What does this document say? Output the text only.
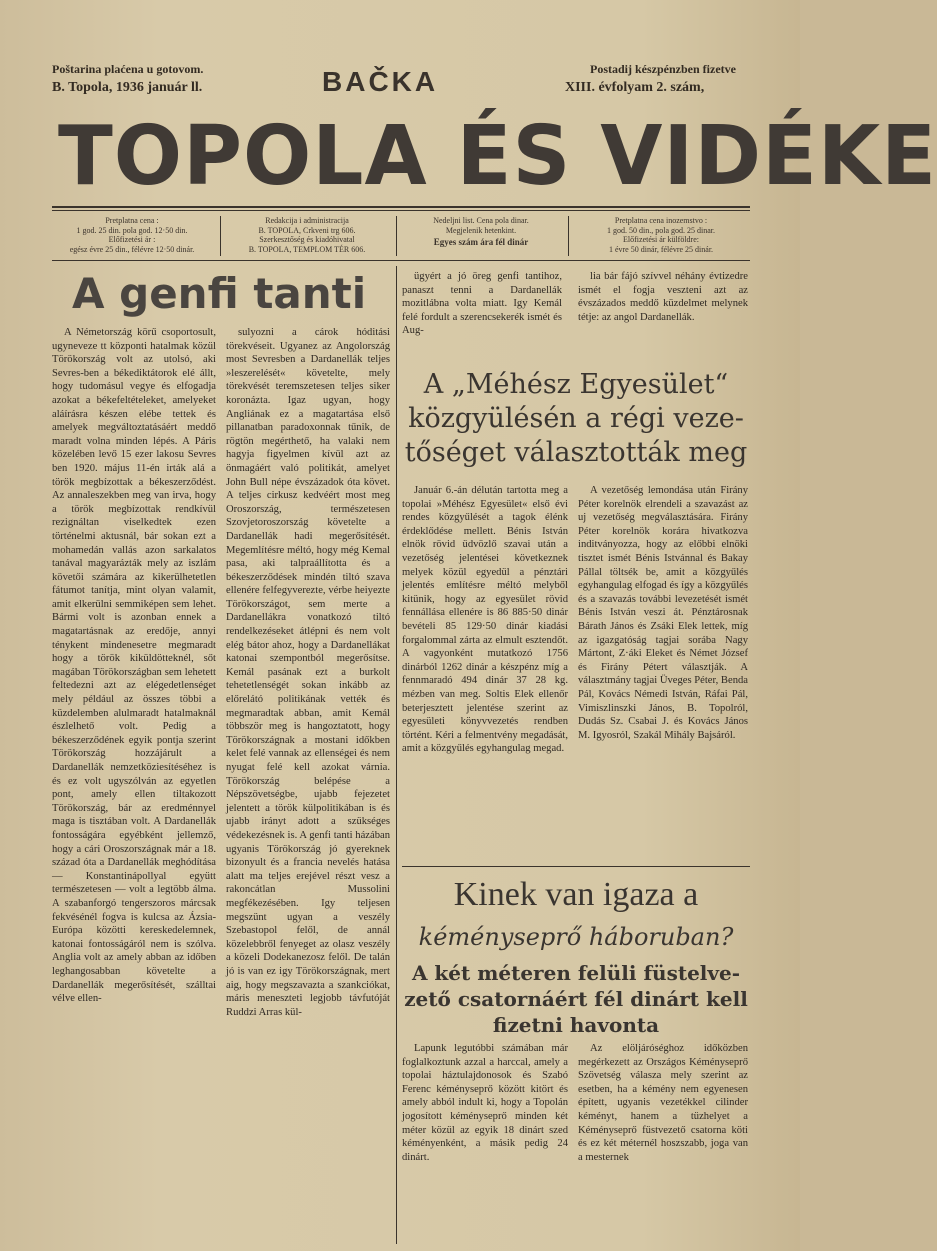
Poštarina plaćena u gotovom.
B. Topola, 1936 január ll.	BAČKA	Postadij készpénzben fizetve
XIII. évfolyam 2. szám,
TOPOLA ÉS VIDÉKE
Pretplatna cena :
1 god. 25 din. pola god. 12·50 din.
Előfizetési ár :
egész évre 25 din., félévre 12·50 dinár.
Redakcija i administracija
B. TOPOLA, Crkveni trg 606.
Szerkesztőség és kiadóhivatal
B. TOPOLA, TEMPLOM TÉR 606.
Nedeljni list. Cena pola dinar.
Megjelenik hetenkint.
Egyes szám ára fél dinár
Pretplatna cena inozemstvo :
1 god. 50 din., pola god. 25 dinar.
Előfizetési ár külföldre:
1 évre 50 dinár, félévre 25 dinár.
A genfi tanti

A Németország körű csoportosult, ugyneveze tt központi hatalmak közül Törökország volt az utolsó, aki Sevres-ben a békediktátorok elé állt, hogy tudomásul vegye és elfogadja azokat a békefeltételeket, amelyeket aláírásra készen elébe tettek és amelyek megváltoztatásáért meddő maradt volna minden lépés. A Páris közelében levő 15 ezer lakosu Sevres ben 1920. május 11-én irták alá a török megbízottak a békeszerződést. Az annaleszekben meg van irva, hogy a török megbízottak rendkívül rezignáltan viselkedtek ezen történelmi aktusnál, bár sokan ezt a mohamedán vallás azon sarkalatos tanával magyarázták mely az iszlám követői számára az kikerülhetetlen fátumot tanítja, mint olyan valamit, amit elkerülni semmiképen sem lehet. Bármi volt is azonban ennek a magatartásnak az eredője, annyi ténykent mindenesetre megmaradt hogy a török kiküldötteknél, sőt magában Törökországban sem lehetett feltedezni azt az elégedetlenséget mely például az összes többi a küzdelemben alulmaradt hatalmaknál észlelhető volt. Pedig a békeszerződének egyik pontja szerint Törökország hozzájárult a Dardanellák nemzetköziesítéséhez is és ez volt ugyszólván az egyetlen pont, amely ellen tiltakozott Törökország, bár az eredménnyel maga is tisztában volt. A Dardanellák fontosságára egyébként jellemző, hogy a cári Oroszországnak már a 18. század óta a Dardanellák meghódítása — Konstantinápollyal együtt természetesen — volt a legtöbb álma. A szabanforgó tengerszoros márcsak fekvésénél fogva is kulcsa az Ázsia-Európa közötti kereskedelemnek, katonai fontosságáról nem is szólva. Anglia volt az amely abban az időben leghangosabban követelte a Dardanellák megerősítését, szálltai vélve ellen-

sulyozni a cárok hóditási törekvéseit. Ugyanez az Angolország most Sevresben a Dardanellák teljes »leszerelését« követelte, mely törekvését teremszetesen teljes siker koronázta. Igaz ugyan, hogy Angliának ez a magatartása első pillanatban paradoxonnak tűnik, de rögtön megérthető, ha valaki nem hagyja figyelmen kívül azt az önmagáért való politikát, amelyet John Bull népe évszázadok óta követ. A teljes cirkusz kedvéért most meg Oroszország, természetesen Szovjetoroszország követelte a Dardanellák hadi megerősítését. Megemlítésre méltó, hogy még Kemal pasa, aki talpraállította és a békeszerződések mindén tiltó szava ellenére felfegyverezte, vérbe heiyezte Törökországot, sem merte a Dardanellákra vonatkozó tiltó rendelkezéseket átlépni és nem volt elég bátor ahoz, hogy a Dardanellákat katonai szempontból megerősítse. Kemál pasának ezt a burkolt tehetetlenségét sokan inkább az előrelátó politikának vették és megmaradtak abban, amit Kemál többször meg is hangoztatott, hogy Törökországnak a mostani időkben kelet felé vannak az ellenségei és nem nyugat felé kell azokat várnia. Törökország belépése a Népszövetségbe, ujabb fejezetet jelentett a török külpolitikában is és ujabb irányt adott a szükséges védekezésnek is. A genfi tanti házában ugyanis Törökország jó gyereknek bizonyult és a francia nevelés hatása alatt ma teljes erejével részt vesz a rakoncátlan Mussolini megfékezésében. Igy teljesen megszünt ugyan a veszély Szebastopol felől, de annál közelebbről fenyeget az olasz veszély a közeli Dodekanezosz felől. De talán jó is van ez igy Törökországnak, mert aig, hogy megszavazta a szankciókat, máris meneszteti legjobb távfutóját Ruddzi Arras kül-

ügyért a jó öreg genfi tantihoz, panaszt tenni a Dardanellák mozitlábna volta miatt. Igy Kemál felé fordult a szerencsekerék ismét és Aug-

lia bár fájó szívvel néhány évtizedre ismét el fogja veszteni azt az évszázados meddő küzdelmet melynek tétje: az angol Dardanellák.

A „Méhész Egyesület“
közgyülésén a régi veze-
tőséget választották meg

Január 6.-án délután tartotta meg a topolai »Méhész Egyesület« első évi rendes közgyűlését a tagok élénk érdeklődése mellett. Bénis István elnök rövid üdvözlő szavai után a vezetőség jelentései következnek melyek közül egyedül a pénztári jelentés említésre méltó melyből kitünik, hogy az egyesület rövid fennállása ellenére is 86 885·50 dinár bevételi 85 129·50 dinár kiadási forgalommal zárta az elmult esztendőt. A vagyonként mutatkozó 1756 dinárból 1262 dinár a készpénz míg a fennmaradó 494 dinár 37 28 kg. mézben van meg. Soltis Elek ellenőr beterjesztett jelentése szerint az egyesületi könyvvezetés rendben történt. Kéri a felmentvény megadását, amit a közgyűlés egyhangulag megad.

A vezetőség lemondása után Firány Péter korelnök elrendeli a szavazást az uj vezetőség megválasztására. Firány Péter korelnök korára hivatkozva inditványozza, hogy az előbbi elnöki tisztet ismét Bénis Istvánnal és Bakay Pállal töltsék be, amit a közgyűlés egyhangulag elfogad és így a közgyűlés és a szavazás további levezetését ismét Bénis István veszi át. Pénztárosnak Bárath János és Zsáki Elek lettek, míg az igazgatóság tagjai sorába Nagy Mártont, Z·áki Eleket és Német József és Firány Pétert választják. A választmány tagjai Üveges Péter, Benda Pál, Kovács Némedi István, Ráfai Pál, Vimiszlinszki János, B. Topolról, Dudás Sz. Csabai J. és Kovács János M. Igyosról, Szakál Mihály Bajsáról.

Kinek van igaza a
kéményseprő háboruban?
A két méteren felüli füstelve-
zető csatornáért fél dinárt kell
fizetni havonta

Lapunk legutóbbi számában már foglalkoztunk azzal a harccal, amely a topolai háztulajdonosok és Szabó Ferenc kéményseprő között kitört és amely abból indult ki, hogy a Topolán jogosított kéményseprő minden két méter közül az egyik 18 dinárt szed kéményenként, a másik pedig 24 dinárt.

Az elöljáróséghoz időközben megérkezett az Országos Kéményseprő Szövetség válasza mely szerint az esetben, ha a kémény nem egyenesen épített, ugyanis vezetékkel cilinder kéményt, hanem a tüzhelyet a Kéményseprő füstvezető csatorna köti és ez két méternél hoszszabb, joga van a mesternek
